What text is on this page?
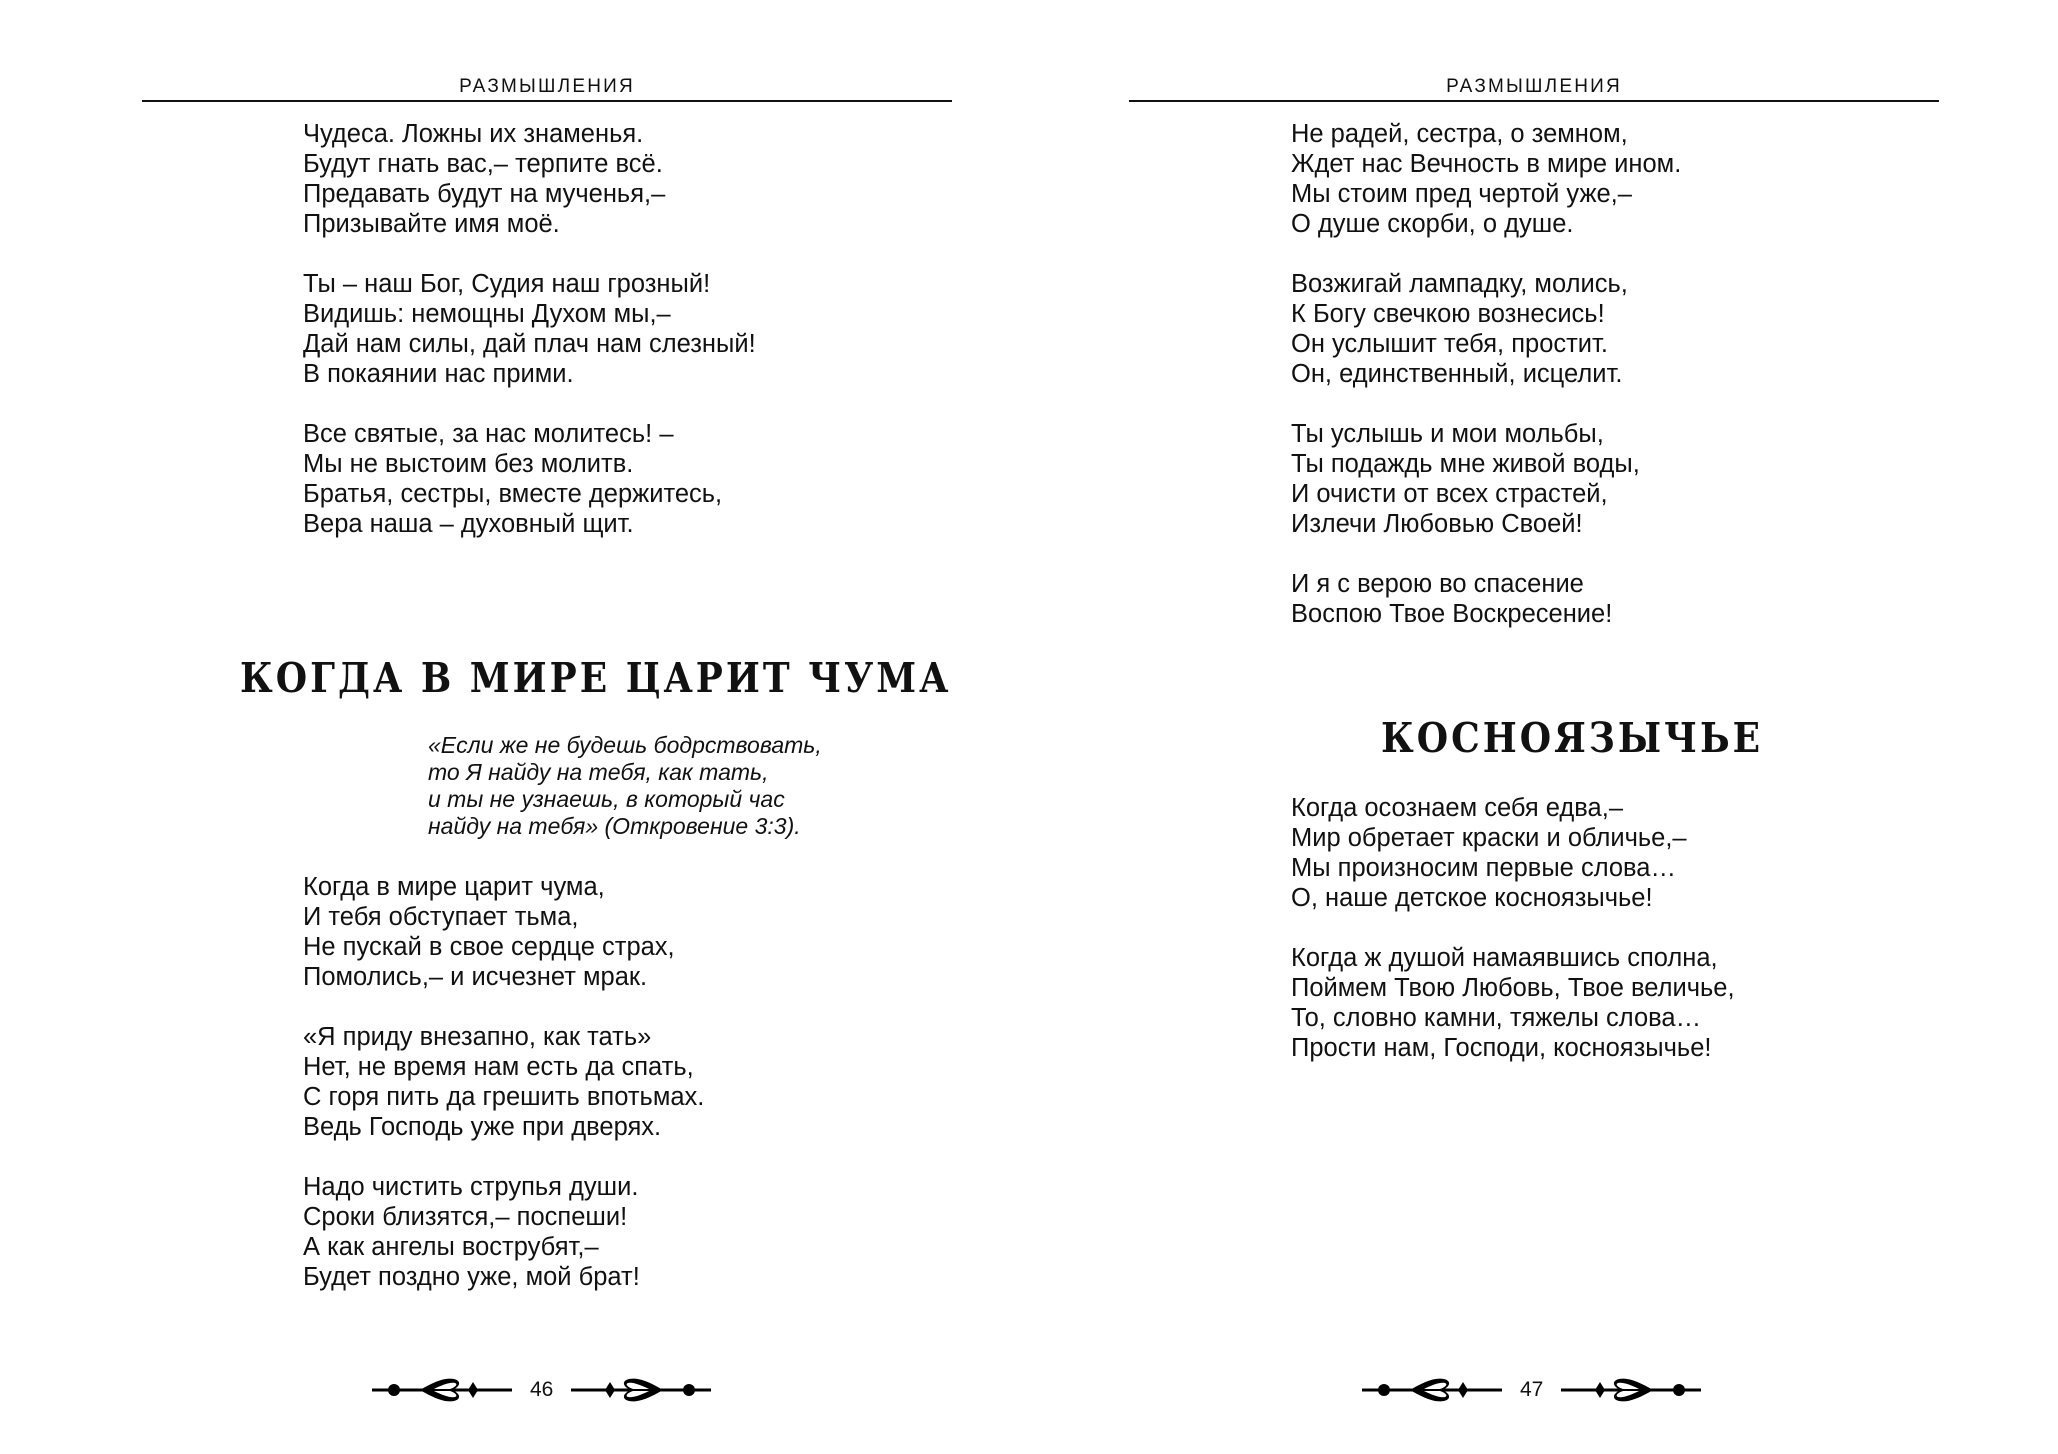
РАЗМЫШЛЕНИЯ
Чудеса. Ложны их знаменья.
Будут гнать вас,– терпите всё.
Предавать будут на мученья,–
Призывайте имя моё.
Ты – наш Бог, Судия наш грозный!
Видишь: немощны Духом мы,–
Дай нам силы, дай плач нам слезный!
В покаянии нас прими.
Все святые, за нас молитесь! –
Мы не выстоим без молитв.
Братья, сестры, вместе держитесь,
Вера наша – духовный щит.
КОГДА В МИРЕ ЦАРИТ ЧУМА
«Если же не будешь бодрствовать,
то Я найду на тебя, как тать,
и ты не узнаешь, в который час
найду на тебя» (Откровение 3:3).
Когда в мире царит чума,
И тебя обступает тьма,
Не пускай в свое сердце страх,
Помолись,– и исчезнет мрак.
«Я приду внезапно, как тать»
Нет, не время нам есть да спать,
С горя пить да грешить впотьмах.
Ведь Господь уже при дверях.
Надо чистить струпья души.
Сроки близятся,– поспеши!
А как ангелы вострубят,–
Будет поздно уже, мой брат!
46
РАЗМЫШЛЕНИЯ
Не радей, сестра, о земном,
Ждет нас Вечность в мире ином.
Мы стоим пред чертой уже,–
О душе скорби, о душе.
Возжигай лампадку, молись,
К Богу свечкою вознесись!
Он услышит тебя, простит.
Он, единственный, исцелит.
Ты услышь и мои мольбы,
Ты подаждь мне живой воды,
И очисти от всех страстей,
Излечи Любовью Своей!
И я с верою во спасение
Воспою Твое Воскресение!
КОСНОЯЗЫЧЬЕ
Когда осознаем себя едва,–
Мир обретает краски и обличье,–
Мы произносим первые слова…
О, наше детское косноязычье!
Когда ж душой намаявшись сполна,
Поймем Твою Любовь, Твое величье,
То, словно камни, тяжелы слова…
Прости нам, Господи, косноязычье!
47
